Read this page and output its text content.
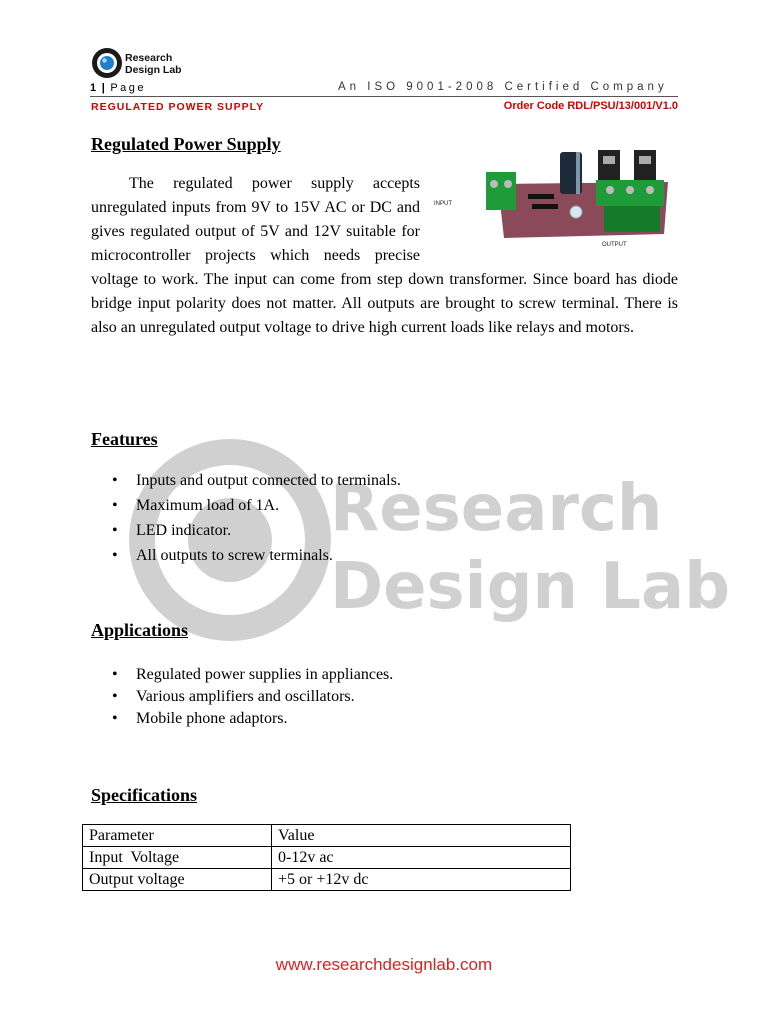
Research
Design Lab
Research
Design Lab
1 | Page	An ISO 9001-2008 Certified Company
REGULATED POWER SUPPLY	Order Code RDL/PSU/13/001/V1.0
Regulated Power Supply
INPUT
OUTPUT
The regulated power supply accepts unregulated inputs from 9V to 15V AC or DC and gives regulated output of 5V and 12V suitable for microcontroller projects which needs precise voltage to work. The input can come from step down transformer. Since board has diode bridge input polarity does not matter. All outputs are brought to screw terminal. There is also an unregulated output voltage to drive high current loads like relays and motors.
Features
• Inputs and output connected to terminals.
• Maximum load of 1A.
• LED indicator.
• All outputs to screw terminals.
Applications
• Regulated power supplies in appliances.
• Various amplifiers and oscillators.
• Mobile phone adaptors.
Specifications
Parameter	Value
Input  Voltage	0-12v ac
Output voltage	+5 or +12v dc
www.researchdesignlab.com
